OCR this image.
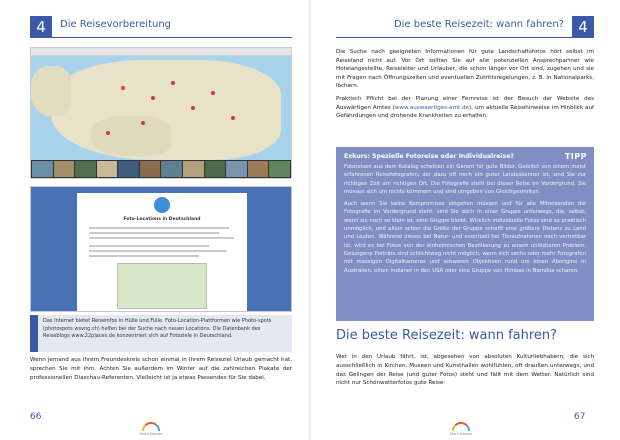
4	Die Reisevorbereitung
Foto-Locations in Deutschland
Das Internet bietet Reiseinfos in Hülle und Fülle. Foto-Location-Plattformen wie Photo-spots (photospots.wsvng.ch) helfen bei der Suche nach neuen Locations. Die Datenbank des Reiseblogs www.22places.de konzentriert sich auf Fotoziele in Deutschland.
Wenn jemand aus Ihrem Freundeskreis schon einmal in Ihrem Reiseziel Urlaub gemacht hat, sprechen Sie mit ihm. Achten Sie außerdem im Winter auf die zahlreichen Plakate der professionellen Diaschau-Referenten. Vielleicht ist ja etwas Passendes für Sie dabei.
66
Stern Nahide
Die beste Reisezeit: wann fahren? 4

Die Suche nach geeigneten Informationen für gute Landschaftsfotos hört selbst im Reiseland nicht auf. Vor Ort sollten Sie auf alle potenziellen Ansprechpartner wie Hotelangestellte, Reiseleiter und Urlauber, die schon länger vor Ort sind, zugehen und sie mit Fragen nach Öffnungszeiten und eventuellen Zutrittsregelungen, z. B. in Nationalparks, löchern.

Praktisch Pflicht bei der Planung einer Fernreise ist der Besuch der Website des Auswärtigen Amtes (www.auswaertiges-amt.de), um aktuelle Reisehinweise im Hinblick auf Gefährdungen und drohende Krankheiten zu erhalten.

TIPP
Exkurs: Spezielle Fotoreise oder Individualreise?

Fotoreisen aus dem Katalog scheinen ein Garant für gute Bilder. Geleitet von einem meist erfahrenen Reisefotografen, der dazu oft noch ein guter Landeskenner ist, sind Sie zur richtigen Zeit am richtigen Ort. Die Fotografie steht bei dieser Reise im Vordergrund. Sie müssen sich um nichts kümmern und sind umgeben von Gleichgesinnten.

Auch wenn Sie keine Kompromisse eingehen müssen und für alle Mitreisenden die Fotografie im Vordergrund steht, sind Sie doch in einer Gruppe unterwegs, die, selbst, wenn sie noch so klein ist, eine Gruppe bleibt. Wirklich individuelle Fotos sind so praktisch unmöglich, und allein schon die Größe der Gruppe schafft eine größere Distanz zu Land und Leuten. Während dieses bei Natur- und eventuell bei Tieraufnahmen noch vertretbar ist, wird es bei Fotos von der einheimischen Bevölkerung zu einem unlösbaren Problem. Gelungene Porträts sind schlichtweg nicht möglich, wenn sich sechs oder mehr Fotografen mit massigen Digitalkameras und schweren Objektiven rund um einen Aborigine in Australien, einen Indianer in den USA oder eine Gruppe von Himbas in Namibia scharen.

Die beste Reisezeit: wann fahren?
Wer in den Urlaub fährt, ist, abgesehen von absoluten Kulturliebhabern, die sich ausschließlich in Kirchen, Museen und Kunsthallen wohlfühlen, oft draußen unterwegs, und das Gelingen der Reise (und guter Fotos) steht und fällt mit dem Wetter. Natürlich sind nicht nur Schönwetterfotos gute Reise-
67
Stern Nahide
